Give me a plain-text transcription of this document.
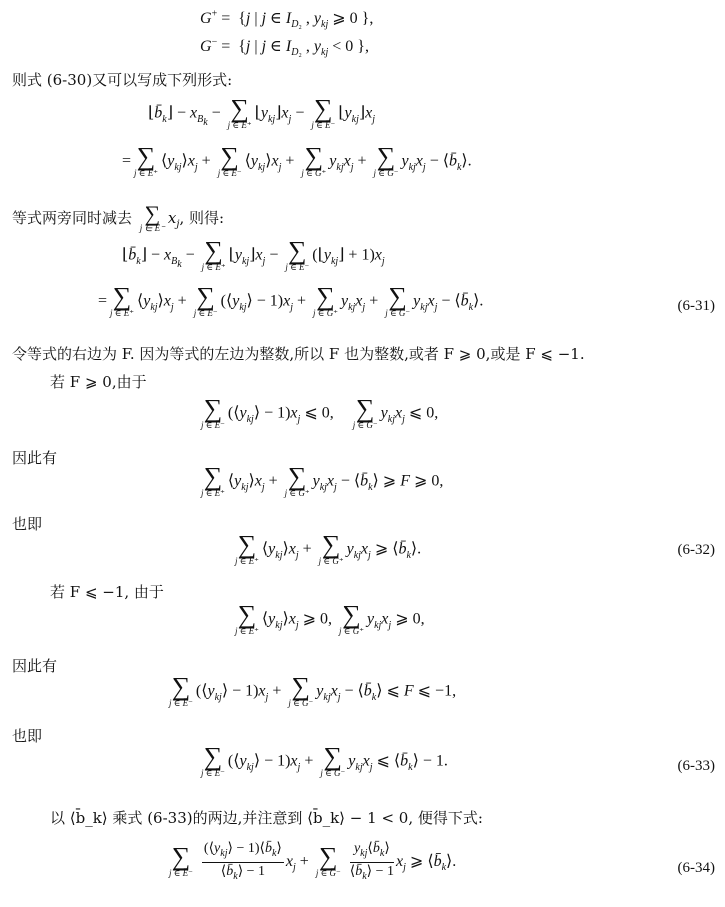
G+ =  {j | j ∈ $I_{D_2}$ , $y_{kj}$ ⩾ 0 },
G− =  {j | j ∈ $I_{D_2}$ , $y_{kj} < 0$ },
则式 (6-30)又可以写成下列形式:
$⌊b̄_k⌋ - x_{B_k}$ − ∑
j ∈ E⁺
$⌊y_{kj}⌋x_j$ − ∑
j ∈ E⁻
$⌊y_{kj}⌋x_j$
= ∑
j ∈ E⁺
$⟨y_{kj}⟩x_j$ + ∑
j ∈ E⁻
$⟨y_{kj}⟩x_j$ + ∑
j ∈ G⁺
$y_{kj}x_j$ + ∑
j ∈ G⁻
$y_{kj}x_j$ − $⟨b̄_k⟩$.
等式两旁同时减去 ∑
j ∈ E⁻
$x_j$, 则得:
$⌊b̄_k⌋ - x_{B_k}$ − ∑
j ∈ E⁺
$⌊y_{kj}⌋x_j$ − ∑
j ∈ E⁻
$(⌊y_{kj}⌋ + 1)x_j$
= ∑
j ∈ E⁺
$⟨y_{kj}⟩x_j$ + ∑
j ∈ E⁻
$(⟨y_{kj}⟩ - 1)x_j$ + ∑
j ∈ G⁺
$y_{kj}x_j$ + ∑
j ∈ G⁻
$y_{kj}x_j$ − $⟨b̄_k⟩$.	(6-31)
令等式的右边为 F. 因为等式的左边为整数,所以 F 也为整数,或者 F ⩾ 0,或是 F ⩽ −1.
若 F ⩾ 0,由于
∑
j ∈ E⁻
$(⟨y_{kj}⟩ - 1)x_j$ ⩽ 0, ∑
j ∈ G⁻
$y_{kj}x_j$ ⩽ 0,
因此有
∑
j ∈ E⁺
$⟨y_{kj}⟩x_j$ + ∑
j ∈ G⁺
$y_{kj}x_j$ − $⟨b̄_k⟩$ ⩾ F ⩾ 0,
也即
∑
j ∈ E⁺
$⟨y_{kj}⟩x_j$ + ∑
j ∈ G⁺
$y_{kj}x_j$ ⩾ $⟨b̄_k⟩$.	(6-32)
若 F ⩽ −1, 由于
∑
j ∈ E⁺
$⟨y_{kj}⟩x_j$ ⩾ 0, ∑
j ∈ G⁺
$y_{kj}x_j$ ⩾ 0,
因此有
∑
j ∈ E⁻
$(⟨y_{kj}⟩ - 1)x_j$ + ∑
j ∈ G⁻
$y_{kj}x_j$ − $⟨b̄_k⟩$ ⩽ F ⩽ −1,
也即
∑
j ∈ E⁻
$(⟨y_{kj}⟩ - 1)x_j$ + ∑
j ∈ G⁻
$y_{kj}x_j$ ⩽ $⟨b̄_k⟩ - 1$.	(6-33)
以 ⟨b̄_k⟩ 乘式 (6-33)的两边,并注意到 ⟨b̄_k⟩ − 1 < 0, 便得下式:
∑
j ∈ E⁻
$\frac{(⟨y_{kj}⟩ - 1)⟨b̄_k⟩}{⟨b̄_k⟩ - 1} x_j$ + ∑
j ∈ G⁻
$\frac{y_{kj}⟨b̄_k⟩}{⟨b̄_k⟩ - 1} x_j$ ⩾ $⟨b̄_k⟩$.	(6-34)
